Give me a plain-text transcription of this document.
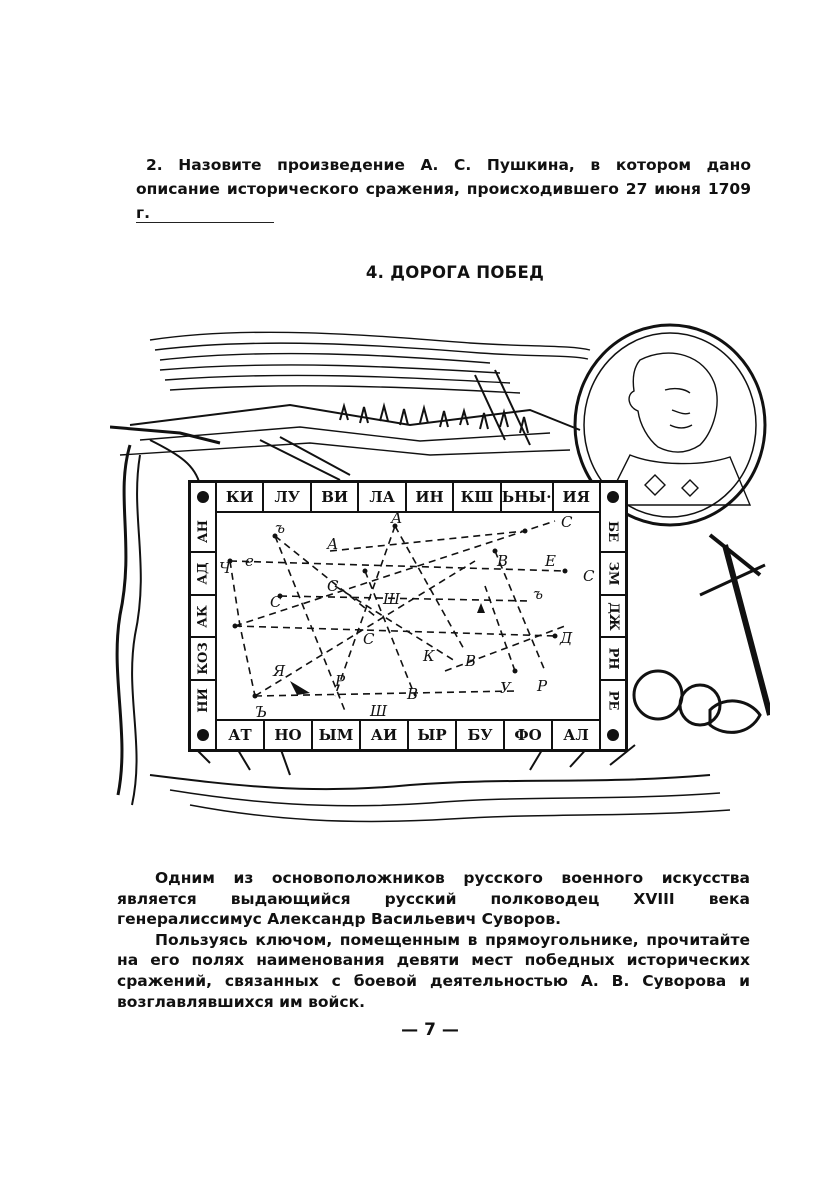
2. Назовите произведение А. С. Пушкина, в котором дано описание исторического сражения, происходившего 27 июня 1709 г.

4. ДОРОГА ПОБЕД
КИ	ЛУ	ВИ	ЛА	ИН	КШ ЬНЫ· ИЯ
АТ	НО	ЫМ	АИ	ЫР	БУ	ФО	АЛ
АН
АД
АК
КОЗ
НИ
БЕ
ЗМ
ДЖ
РН
РЕ
ъ
А
А	С
Ч е	В Е
С
С
Ш	ъ
С
С	Д
К В
Я
Р
Ш
В	У Р
Ъ

Одним из основоположников русского военного искусства является выдающийся русский полководец XVIII века генералиссимус Александр Васильевич Суворов.

Пользуясь ключом, помещенным в прямоугольнике, прочитайте на его полях наименования девяти мест победных исторических сражений, связанных с боевой деятельностью А. В. Суворова и возглавлявшихся им войск.

— 7 —
